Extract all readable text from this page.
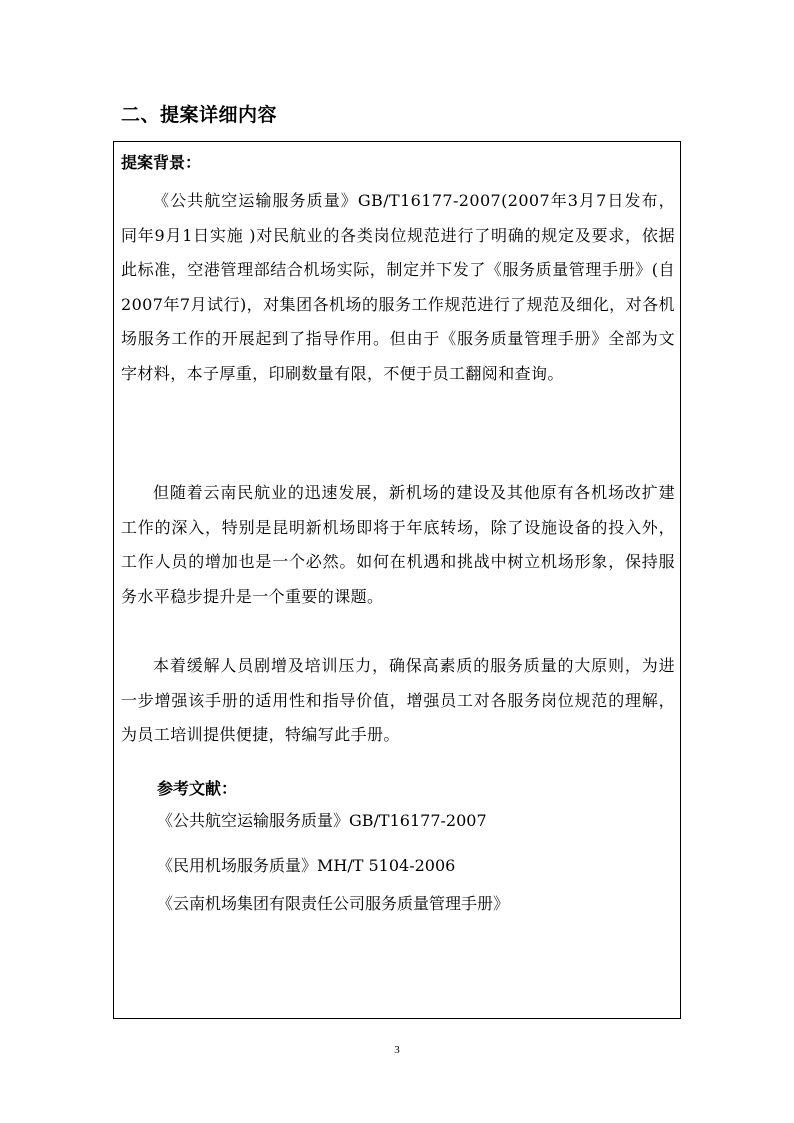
二、提案详细内容
提案背景：

《公共航空运输服务质量》GB/T16177-2007(2007年3月7日发布，同年9月1日实施 )对民航业的各类岗位规范进行了明确的规定及要求，依据此标准，空港管理部结合机场实际，制定并下发了《服务质量管理手册》(自2007年7月试行)，对集团各机场的服务工作规范进行了规范及细化，对各机场服务工作的开展起到了指导作用。但由于《服务质量管理手册》全部为文字材料，本子厚重，印刷数量有限，不便于员工翻阅和查询。

但随着云南民航业的迅速发展，新机场的建设及其他原有各机场改扩建工作的深入，特别是昆明新机场即将于年底转场，除了设施设备的投入外，工作人员的增加也是一个必然。如何在机遇和挑战中树立机场形象，保持服务水平稳步提升是一个重要的课题。

本着缓解人员剧增及培训压力，确保高素质的服务质量的大原则，为进一步增强该手册的适用性和指导价值，增强员工对各服务岗位规范的理解，为员工培训提供便捷，特编写此手册。

参考文献：
《公共航空运输服务质量》GB/T16177-2007
《民用机场服务质量》MH/T 5104-2006
《云南机场集团有限责任公司服务质量管理手册》
3
